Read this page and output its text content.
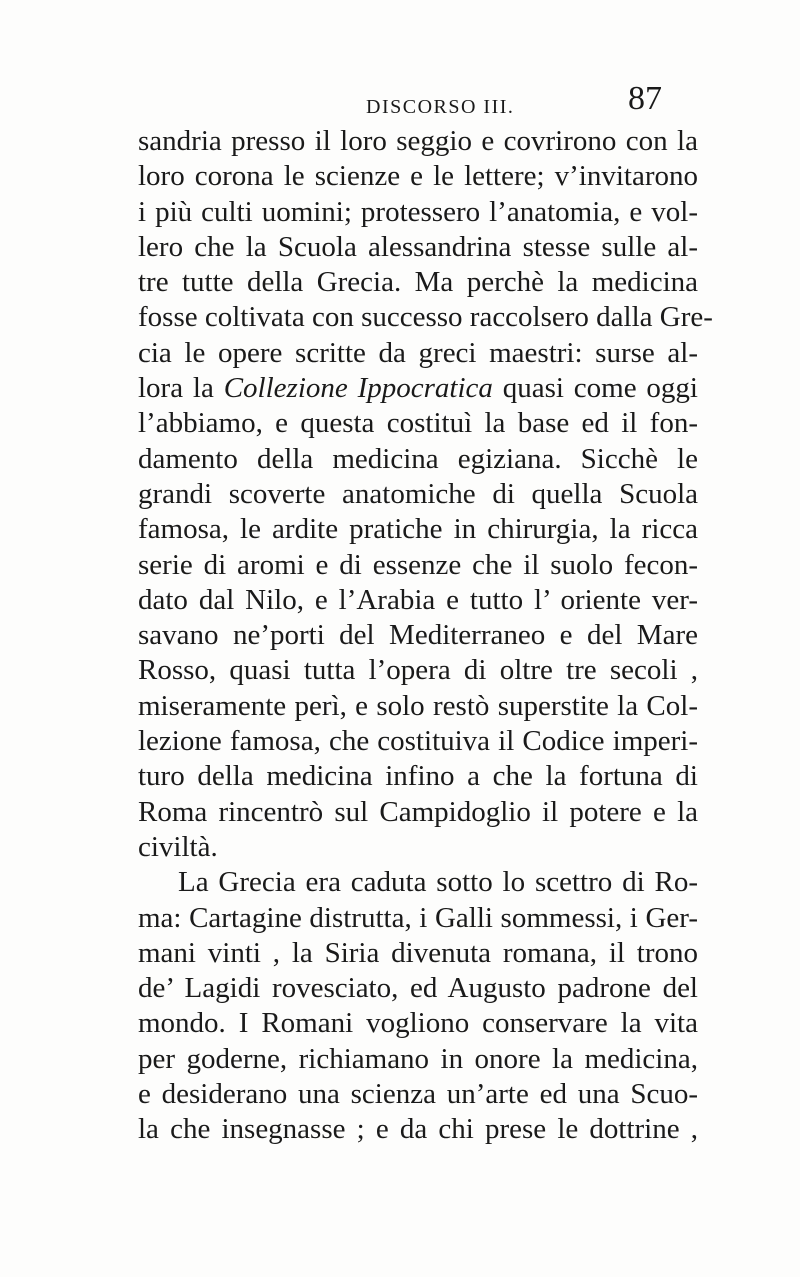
DISCORSO III.	87
sandria presso il loro seggio e covrirono con la
loro corona le scienze e le lettere; v’invitarono
i più culti uomini; protessero l’anatomia, e vol-
lero che la Scuola alessandrina stesse sulle al-
tre tutte della Grecia. Ma perchè la medicina
fosse coltivata con successo raccolsero dalla Gre-
cia le opere scritte da greci maestri: surse al-
lora la Collezione Ippocratica quasi come oggi
l’abbiamo, e questa costituì la base ed il fon-
damento della medicina egiziana. Sicchè le
grandi scoverte anatomiche di quella Scuola
famosa, le ardite pratiche in chirurgia, la ricca
serie di aromi e di essenze che il suolo fecon-
dato dal Nilo, e l’Arabia e tutto l’ oriente ver-
savano ne’porti del Mediterraneo e del Mare
Rosso, quasi tutta l’opera di oltre tre secoli ,
miseramente perì, e solo restò superstite la Col-
lezione famosa, che costituiva il Codice imperi-
turo della medicina infino a che la fortuna di
Roma rincentrò sul Campidoglio il potere e la
civiltà.
La Grecia era caduta sotto lo scettro di Ro-
ma: Cartagine distrutta, i Galli sommessi, i Ger-
mani vinti , la Siria divenuta romana, il trono
de’ Lagidi rovesciato, ed Augusto padrone del
mondo. I Romani vogliono conservare la vita
per goderne, richiamano in onore la medicina,
e desiderano una scienza un’arte ed una Scuo-
la che insegnasse ; e da chi prese le dottrine ,
